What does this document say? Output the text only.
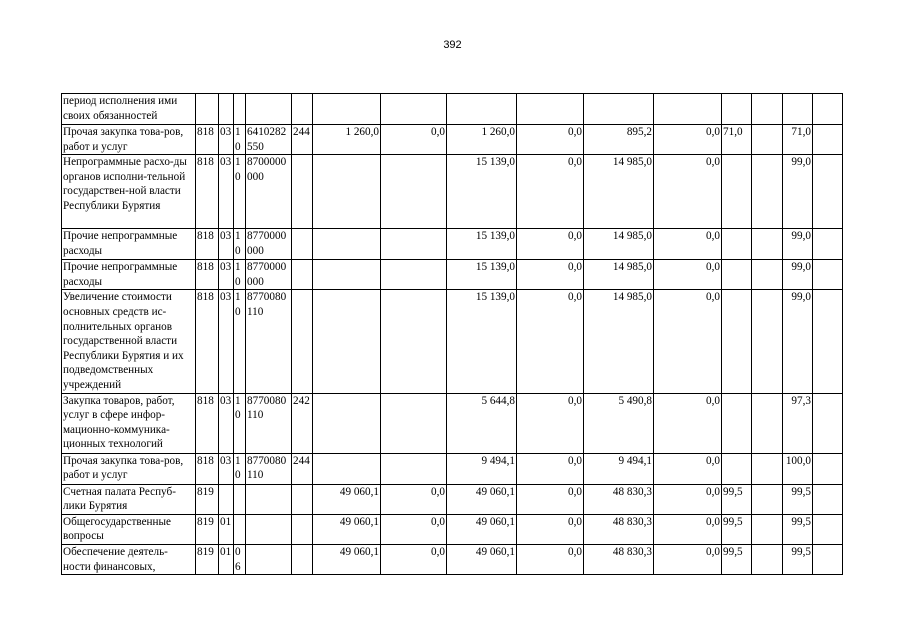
392
период исполнения ими своих обязанностей															
Прочая закупка това-ров, работ и услуг	818	03	10	6410282550	244	1 260,0	0,0	1 260,0	0,0	895,2	0,0	71,0		71,0	
Непрограммные расхо-ды органов исполни-тельной государствен-ной власти Республики Бурятия	818	03	10	8700000000				15 139,0	0,0	14 985,0	0,0			99,0	
Прочие непрограммные расходы	818	03	10	8770000000				15 139,0	0,0	14 985,0	0,0			99,0	
Прочие непрограммные расходы	818	03	10	8770000000				15 139,0	0,0	14 985,0	0,0			99,0	
Увеличение стоимости основных средств ис-полнительных органов государственной власти Республики Бурятия и их подведомственных учреждений	818	03	10	8770080110				15 139,0	0,0	14 985,0	0,0			99,0	
Закупка товаров, работ, услуг в сфере инфор-мационно-коммуника-ционных технологий	818	03	10	8770080110	242			5 644,8	0,0	5 490,8	0,0			97,3	
Прочая закупка това-ров, работ и услуг	818	03	10	8770080110	244			9 494,1	0,0	9 494,1	0,0			100,0	
Счетная палата Респуб-лики Бурятия	819					49 060,1	0,0	49 060,1	0,0	48 830,3	0,0	99,5		99,5	
Общегосударственные вопросы	819	01				49 060,1	0,0	49 060,1	0,0	48 830,3	0,0	99,5		99,5	
Обеспечение деятель-ности финансовых,	819	01	06			49 060,1	0,0	49 060,1	0,0	48 830,3	0,0	99,5		99,5	
